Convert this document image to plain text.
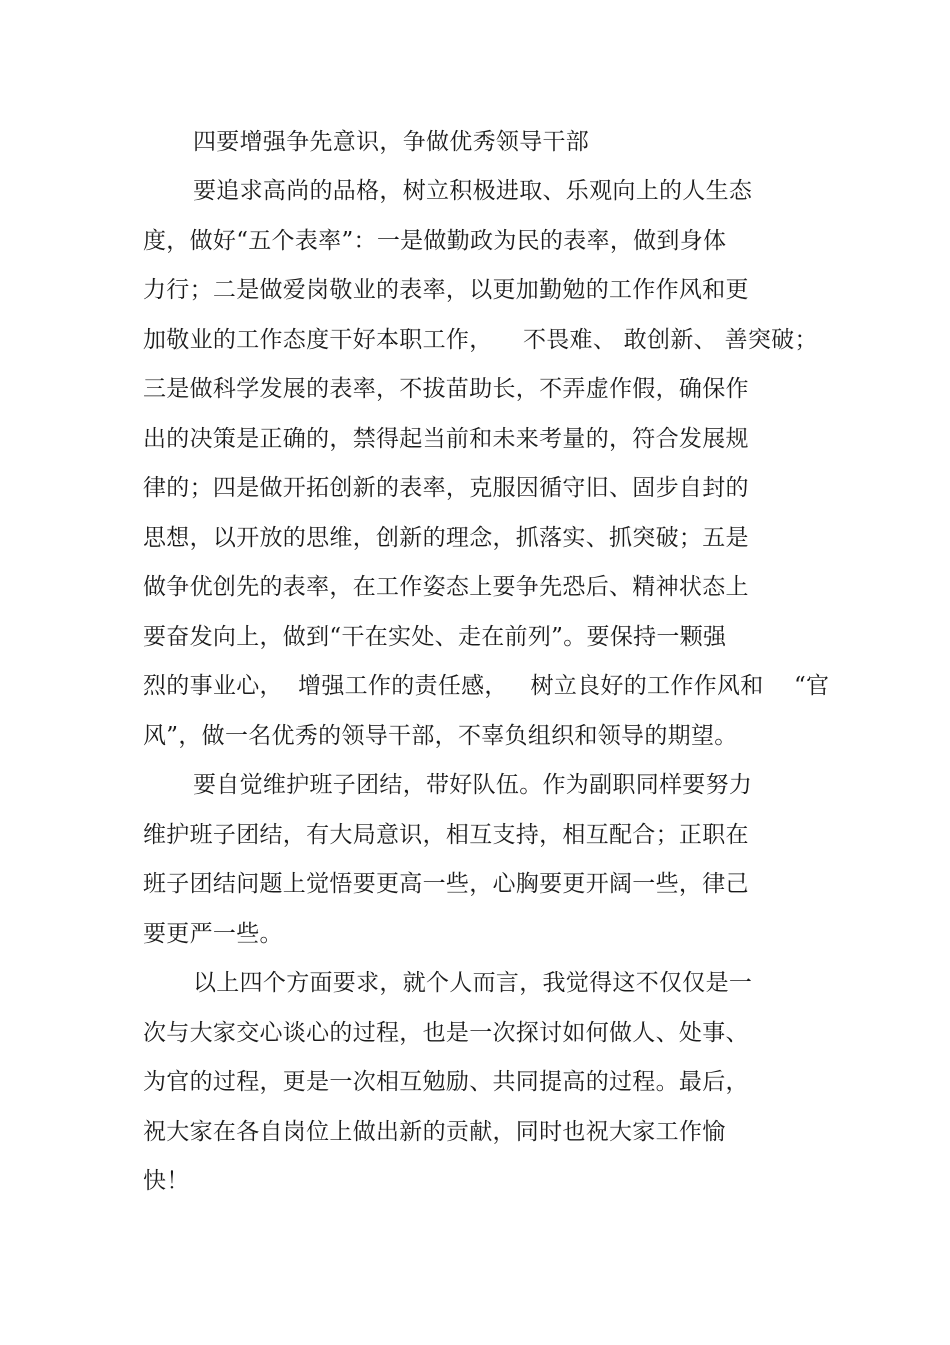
四要增强争先意识，争做优秀领导干部
要追求高尚的品格，树立积极进取、乐观向上的人生态
度，做好“五个表率”：一是做勤政为民的表率，做到身体
力行；二是做爱岗敬业的表率，以更加勤勉的工作作风和更
加敬业的工作态度干好本职工作，    不畏难、 敢创新、 善突破；
三是做科学发展的表率，不拔苗助长，不弄虚作假，确保作
出的决策是正确的，禁得起当前和未来考量的，符合发展规
律的；四是做开拓创新的表率，克服因循守旧、固步自封的
思想，以开放的思维，创新的理念，抓落实、抓突破；五是
做争优创先的表率，在工作姿态上要争先恐后、精神状态上
要奋发向上，做到“干在实处、走在前列”。要保持一颗强
烈的事业心，  增强工作的责任感，   树立良好的工作作风和    “官
风”，做一名优秀的领导干部，不辜负组织和领导的期望。
要自觉维护班子团结，带好队伍。作为副职同样要努力
维护班子团结，有大局意识，相互支持，相互配合；正职在
班子团结问题上觉悟要更高一些，心胸要更开阔一些，律己
要更严一些。
以上四个方面要求，就个人而言，我觉得这不仅仅是一
次与大家交心谈心的过程，也是一次探讨如何做人、处事、
为官的过程，更是一次相互勉励、共同提高的过程。最后，
祝大家在各自岗位上做出新的贡献，同时也祝大家工作愉
快！
